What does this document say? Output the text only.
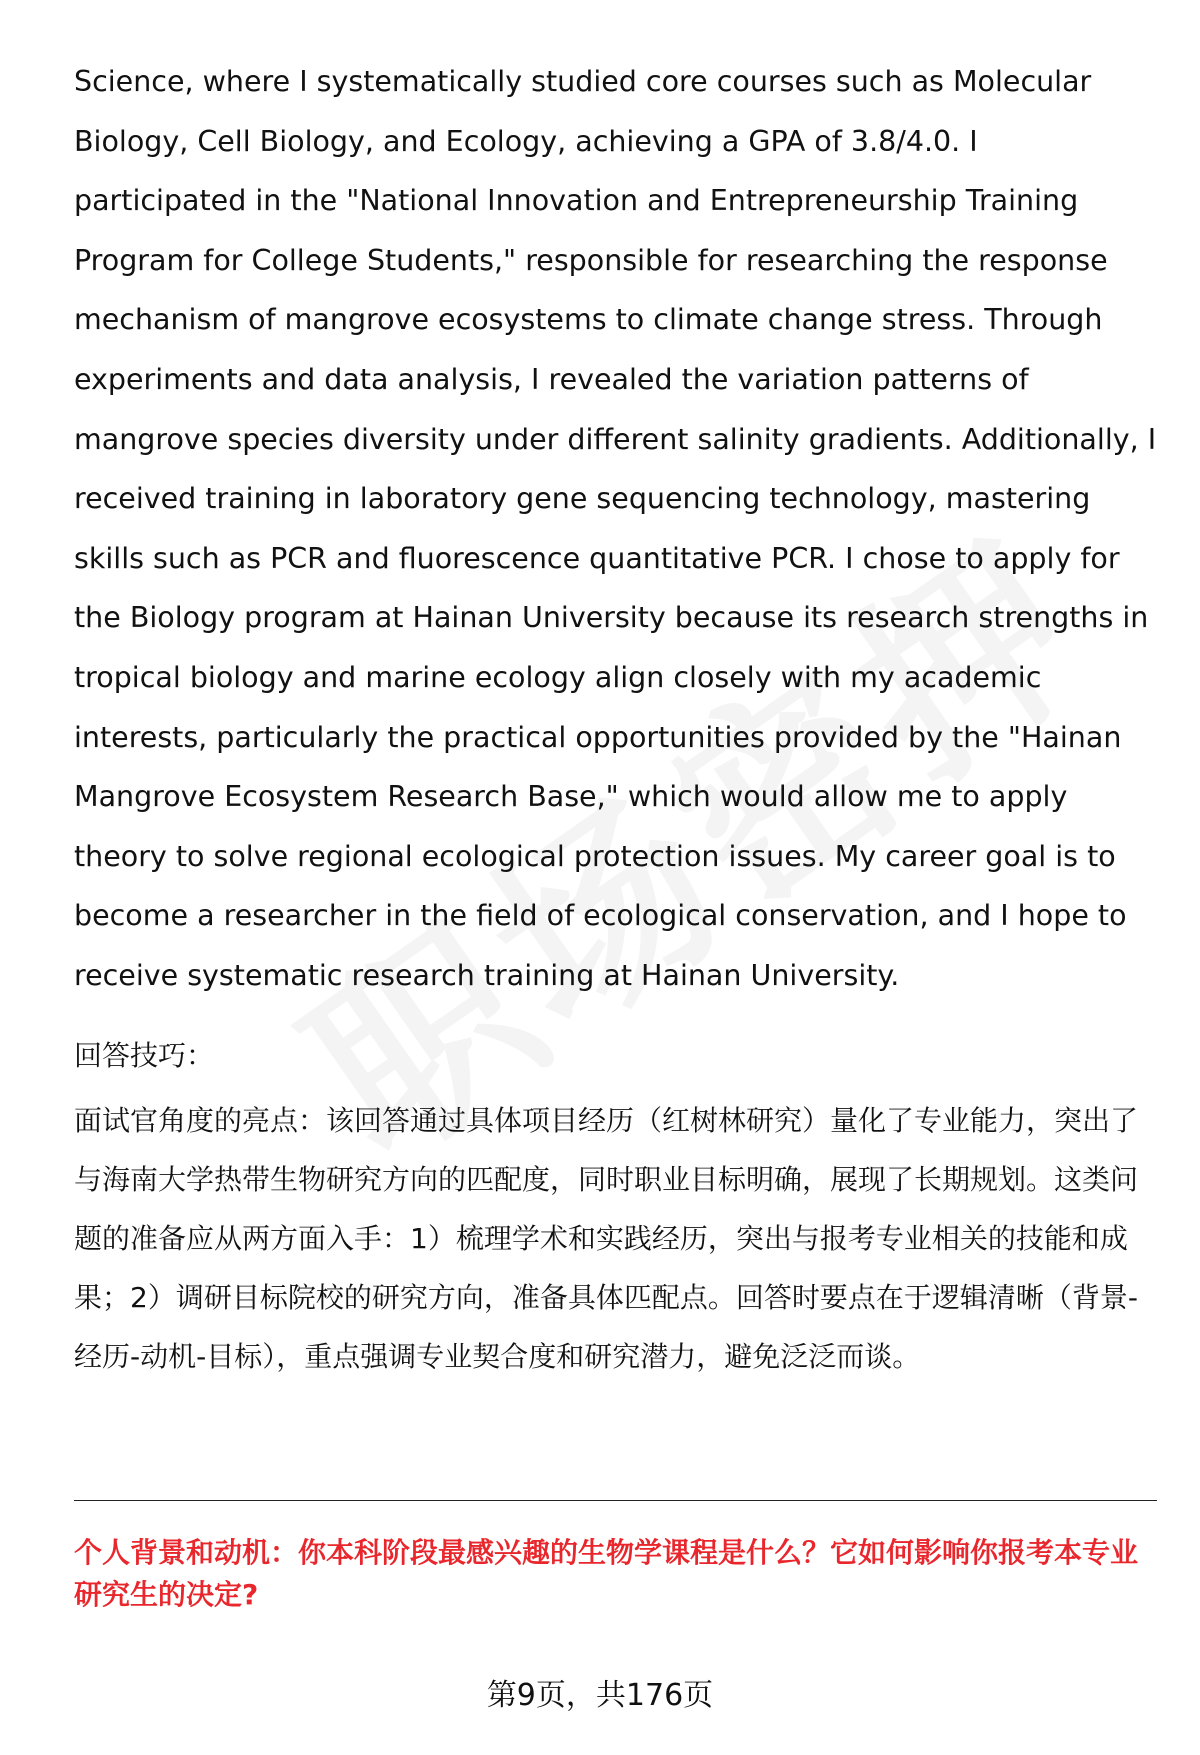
Science, where I systematically studied core courses such as Molecular Biology, Cell Biology, and Ecology, achieving a GPA of 3.8/4.0. I participated in the "National Innovation and Entrepreneurship Training Program for College Students," responsible for researching the response mechanism of mangrove ecosystems to climate change stress. Through experiments and data analysis, I revealed the variation patterns of mangrove species diversity under different salinity gradients. Additionally, I received training in laboratory gene sequencing technology, mastering skills such as PCR and fluorescence quantitative PCR. I chose to apply for the Biology program at Hainan University because its research strengths in tropical biology and marine ecology align closely with my academic interests, particularly the practical opportunities provided by the "Hainan Mangrove Ecosystem Research Base," which would allow me to apply theory to solve regional ecological protection issues. My career goal is to become a researcher in the field of ecological conservation, and I hope to receive systematic research training at Hainan University.

回答技巧：

面试官角度的亮点：该回答通过具体项目经历（红树林研究）量化了专业能力，突出了与海南大学热带生物研究方向的匹配度，同时职业目标明确，展现了长期规划。这类问题的准备应从两方面入手：1）梳理学术和实践经历，突出与报考专业相关的技能和成果；2）调研目标院校的研究方向，准备具体匹配点。回答时要点在于逻辑清晰（背景-经历-动机-目标），重点强调专业契合度和研究潜力，避免泛泛而谈。

个人背景和动机：你本科阶段最感兴趣的生物学课程是什么？它如何影响你报考本专业研究生的决定?

第9页，共176页
